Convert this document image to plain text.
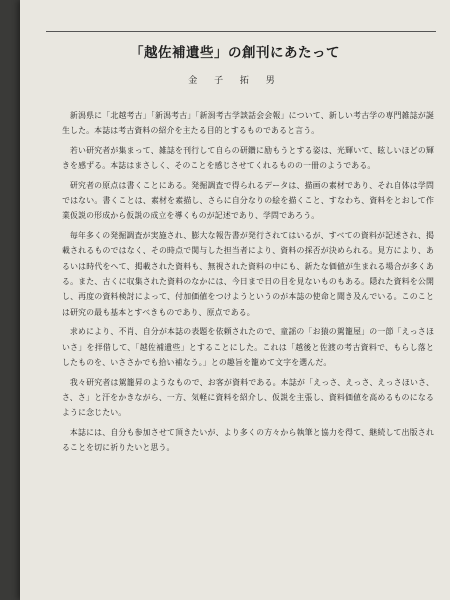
「越佐補遺些」の創刊にあたって
金 子 拓 男

新潟県に「北越考古」「新潟考古」「新潟考古学談話会会報」について、新しい考古学の専門雑誌が誕生した。本誌は考古資料の紹介を主たる目的とするものであると言う。

若い研究者が集まって、雑誌を刊行して自らの研鑽に励もうとする姿は、光輝いて、眩しいほどの輝きを感ずる。本誌はまさしく、そのことを感じさせてくれるものの一冊のようである。

研究者の原点は書くことにある。発掘調査で得られるデータは、描画の素材であり、それ自体は学問ではない。書くことは、素材を素描し、さらに自分なりの絵を描くこと、すなわち、資料をとおして作業仮説の形成から仮説の成立を導くものが記述であり、学問であろう。

毎年多くの発掘調査が実施され、膨大な報告書が発行されてはいるが、すべての資料が記述され、掲載されるものではなく、その時点で関与した担当者により、資料の採否が決められる。見方により、あるいは時代をへて、掲載された資料も、無視された資料の中にも、新たな価値が生まれる場合が多くある。また、古くに収集された資料のなかには、今日まで日の目を見ないものもある。隠れた資料を公開し、再度の資料検討によって、付加価値をつけようというのが本誌の使命と聞き及んでいる。このことは研究の最も基本とすべきものであり、原点である。

求めにより、不肖、自分が本誌の表題を依頼されたので、童謡の「お猿の駕籠屋」の一節「えっさほいさ」を拝借して、「越佐補遺些」とすることにした。これは「越後と佐渡の考古資料で、もらし落としたものを、いささかでも拾い補なう。」との趣旨を籠めて文字を選んだ。

我々研究者は駕籠昇のようなもので、お客が資料である。本誌が「えっさ、えっさ、えっさほいさ、さ、さ」と汗をかきながら、一方、気軽に資料を紹介し、仮説を主張し、資料価値を高めるものになるように念じたい。

本誌には、自分も参加させて頂きたいが、より多くの方々から執筆と協力を得て、継続して出版されることを切に祈りたいと思う。
